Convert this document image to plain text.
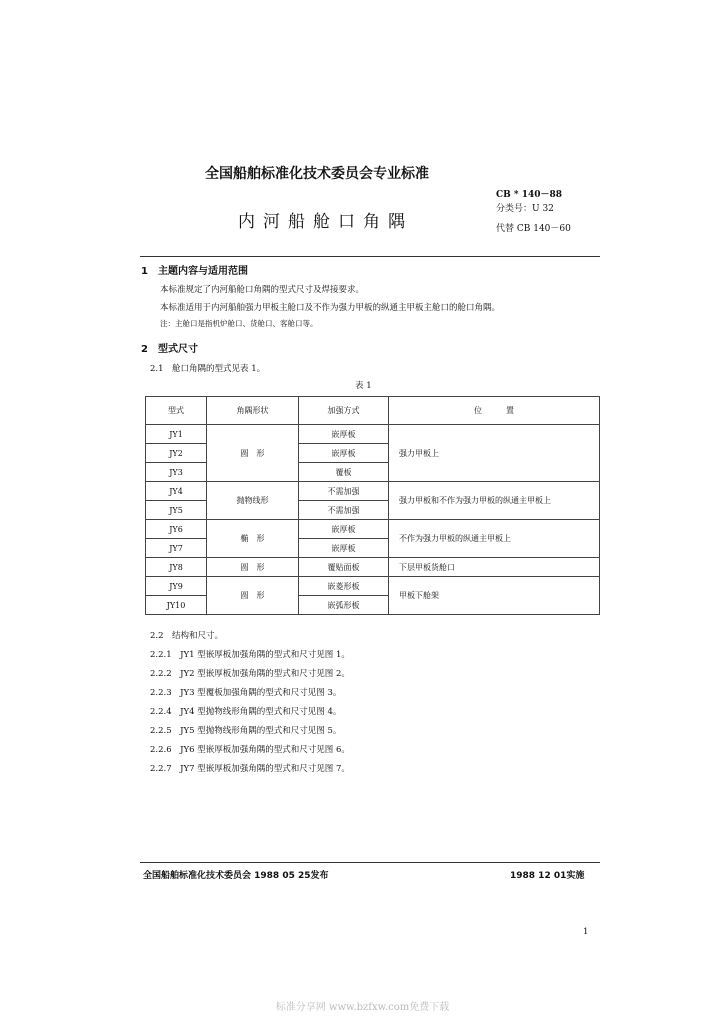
全国船舶标准化技术委员会专业标准
内河船舱口角隅
CB * 140－88
分类号：U 32
代替 CB 140－60
1　主题内容与适用范围
本标准规定了内河船舱口角隅的型式尺寸及焊接要求。
本标准适用于内河船舶强力甲板主舱口及不作为强力甲板的纵通主甲板主舱口的舱口角隅。
注：主舱口是指机炉舱口、货舱口、客舱口等。
2　型式尺寸
2.1　舱口角隅的型式见表 1。
表 1
型式	角隅形状	加强方式	位　　　置
JY1	圆　形	嵌厚板	强力甲板上
JY2		嵌厚板	
JY3		覆板	
JY4	抛物线形	不需加强	强力甲板和不作为强力甲板的纵通主甲板上
JY5		不需加强	
JY6	椭　形	嵌厚板	不作为强力甲板的纵通主甲板上
JY7		嵌厚板	
JY8	圆　形	覆贴面板	下层甲板货舱口
JY9	圆　形	嵌菱形板	甲板下舱架
JY10		嵌弧形板	
2.2　结构和尺寸。
2.2.1　JY1 型嵌厚板加强角隅的型式和尺寸见图 1。
2.2.2　JY2 型嵌厚板加强角隅的型式和尺寸见图 2。
2.2.3　JY3 型覆板加强角隅的型式和尺寸见图 3。
2.2.4　JY4 型抛物线形角隅的型式和尺寸见图 4。
2.2.5　JY5 型抛物线形角隅的型式和尺寸见图 5。
2.2.6　JY6 型嵌厚板加强角隅的型式和尺寸见图 6。
2.2.7　JY7 型嵌厚板加强角隅的型式和尺寸见图 7。
全国船舶标准化技术委员会 1988 05 25发布	1988 12 01实施
1
标准分享网 www.bzfxw.com免费下载
